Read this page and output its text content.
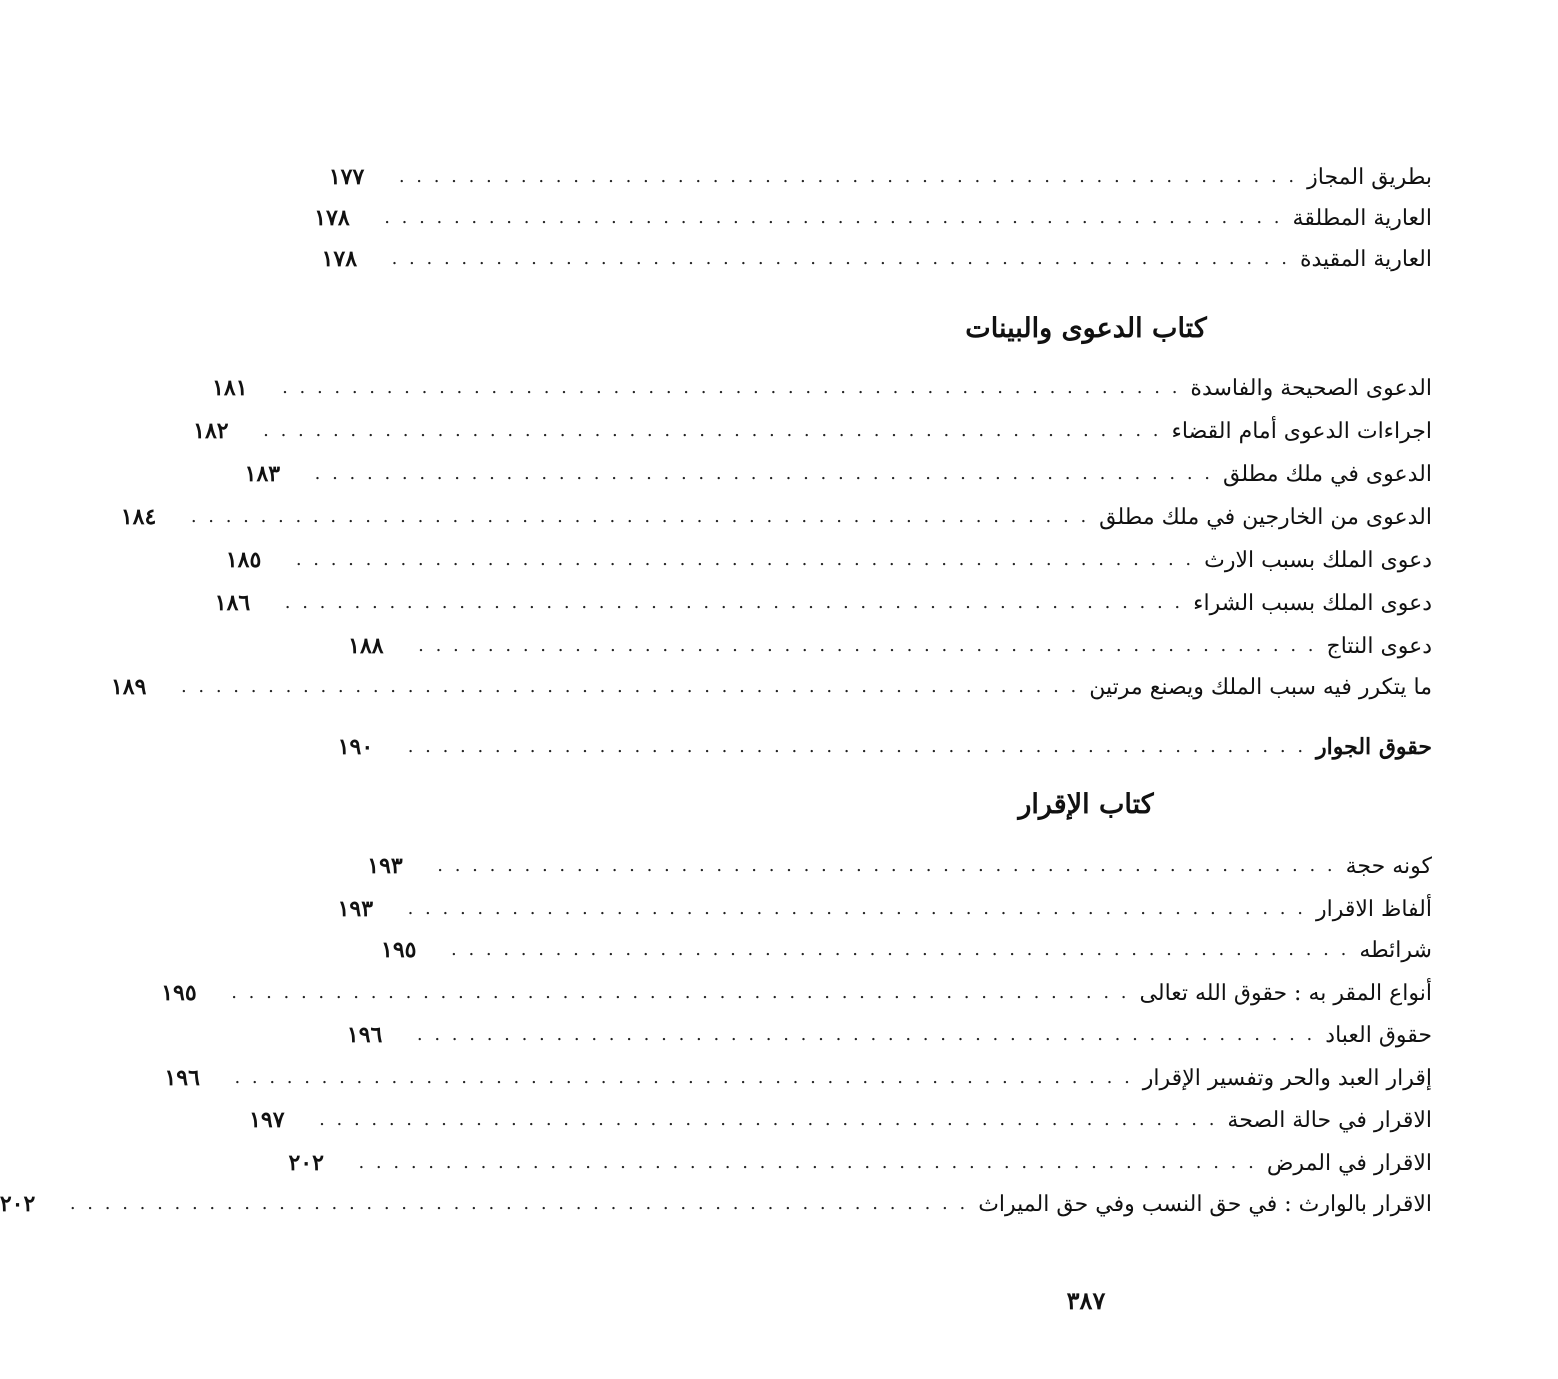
بطريق المجاز
. . . . . . . . . . . . . . . . . . . . . . . . . . . . . . . . . . . . . . . . . . . . . . . . . . . .
١٧٧
العارية المطلقة
. . . . . . . . . . . . . . . . . . . . . . . . . . . . . . . . . . . . . . . . . . . . . . . . . . . .
١٧٨
العارية المقيدة
. . . . . . . . . . . . . . . . . . . . . . . . . . . . . . . . . . . . . . . . . . . . . . . . . . . .
١٧٨
كتاب الدعوى والبينات
الدعوى الصحيحة والفاسدة
. . . . . . . . . . . . . . . . . . . . . . . . . . . . . . . . . . . . . . . . . . . . . . . . . . . .
١٨١
اجراءات الدعوى أمام القضاء
. . . . . . . . . . . . . . . . . . . . . . . . . . . . . . . . . . . . . . . . . . . . . . . . . . . .
١٨٢
الدعوى في ملك مطلق
. . . . . . . . . . . . . . . . . . . . . . . . . . . . . . . . . . . . . . . . . . . . . . . . . . . .
١٨٣
الدعوى من الخارجين في ملك مطلق
. . . . . . . . . . . . . . . . . . . . . . . . . . . . . . . . . . . . . . . . . . . . . . . . . . . .
١٨٤
دعوى الملك بسبب الارث
. . . . . . . . . . . . . . . . . . . . . . . . . . . . . . . . . . . . . . . . . . . . . . . . . . . .
١٨٥
دعوى الملك بسبب الشراء
. . . . . . . . . . . . . . . . . . . . . . . . . . . . . . . . . . . . . . . . . . . . . . . . . . . .
١٨٦
دعوى النتاج
. . . . . . . . . . . . . . . . . . . . . . . . . . . . . . . . . . . . . . . . . . . . . . . . . . . .
١٨٨
ما يتكرر فيه سبب الملك ويصنع مرتين
. . . . . . . . . . . . . . . . . . . . . . . . . . . . . . . . . . . . . . . . . . . . . . . . . . . .
١٨٩
حقوق الجوار
. . . . . . . . . . . . . . . . . . . . . . . . . . . . . . . . . . . . . . . . . . . . . . . . . . . .
١٩٠
كتاب الإقرار
كونه حجة
. . . . . . . . . . . . . . . . . . . . . . . . . . . . . . . . . . . . . . . . . . . . . . . . . . . .
١٩٣
ألفاظ الاقرار
. . . . . . . . . . . . . . . . . . . . . . . . . . . . . . . . . . . . . . . . . . . . . . . . . . . .
١٩٣
شرائطه
. . . . . . . . . . . . . . . . . . . . . . . . . . . . . . . . . . . . . . . . . . . . . . . . . . . .
١٩٥
أنواع المقر به : حقوق الله تعالى
. . . . . . . . . . . . . . . . . . . . . . . . . . . . . . . . . . . . . . . . . . . . . . . . . . . .
١٩٥
حقوق العباد
. . . . . . . . . . . . . . . . . . . . . . . . . . . . . . . . . . . . . . . . . . . . . . . . . . . .
١٩٦
إقرار العبد والحر وتفسير الإقرار
. . . . . . . . . . . . . . . . . . . . . . . . . . . . . . . . . . . . . . . . . . . . . . . . . . . .
١٩٦
الاقرار في حالة الصحة
. . . . . . . . . . . . . . . . . . . . . . . . . . . . . . . . . . . . . . . . . . . . . . . . . . . .
١٩٧
الاقرار في المرض
. . . . . . . . . . . . . . . . . . . . . . . . . . . . . . . . . . . . . . . . . . . . . . . . . . . .
٢٠٢
الاقرار بالوارث : في حق النسب وفي حق الميراث
. . . . . . . . . . . . . . . . . . . . . . . . . . . . . . . . . . . . . . . . . . . . . . . . . . . .
٢٠٢
٣٨٧
